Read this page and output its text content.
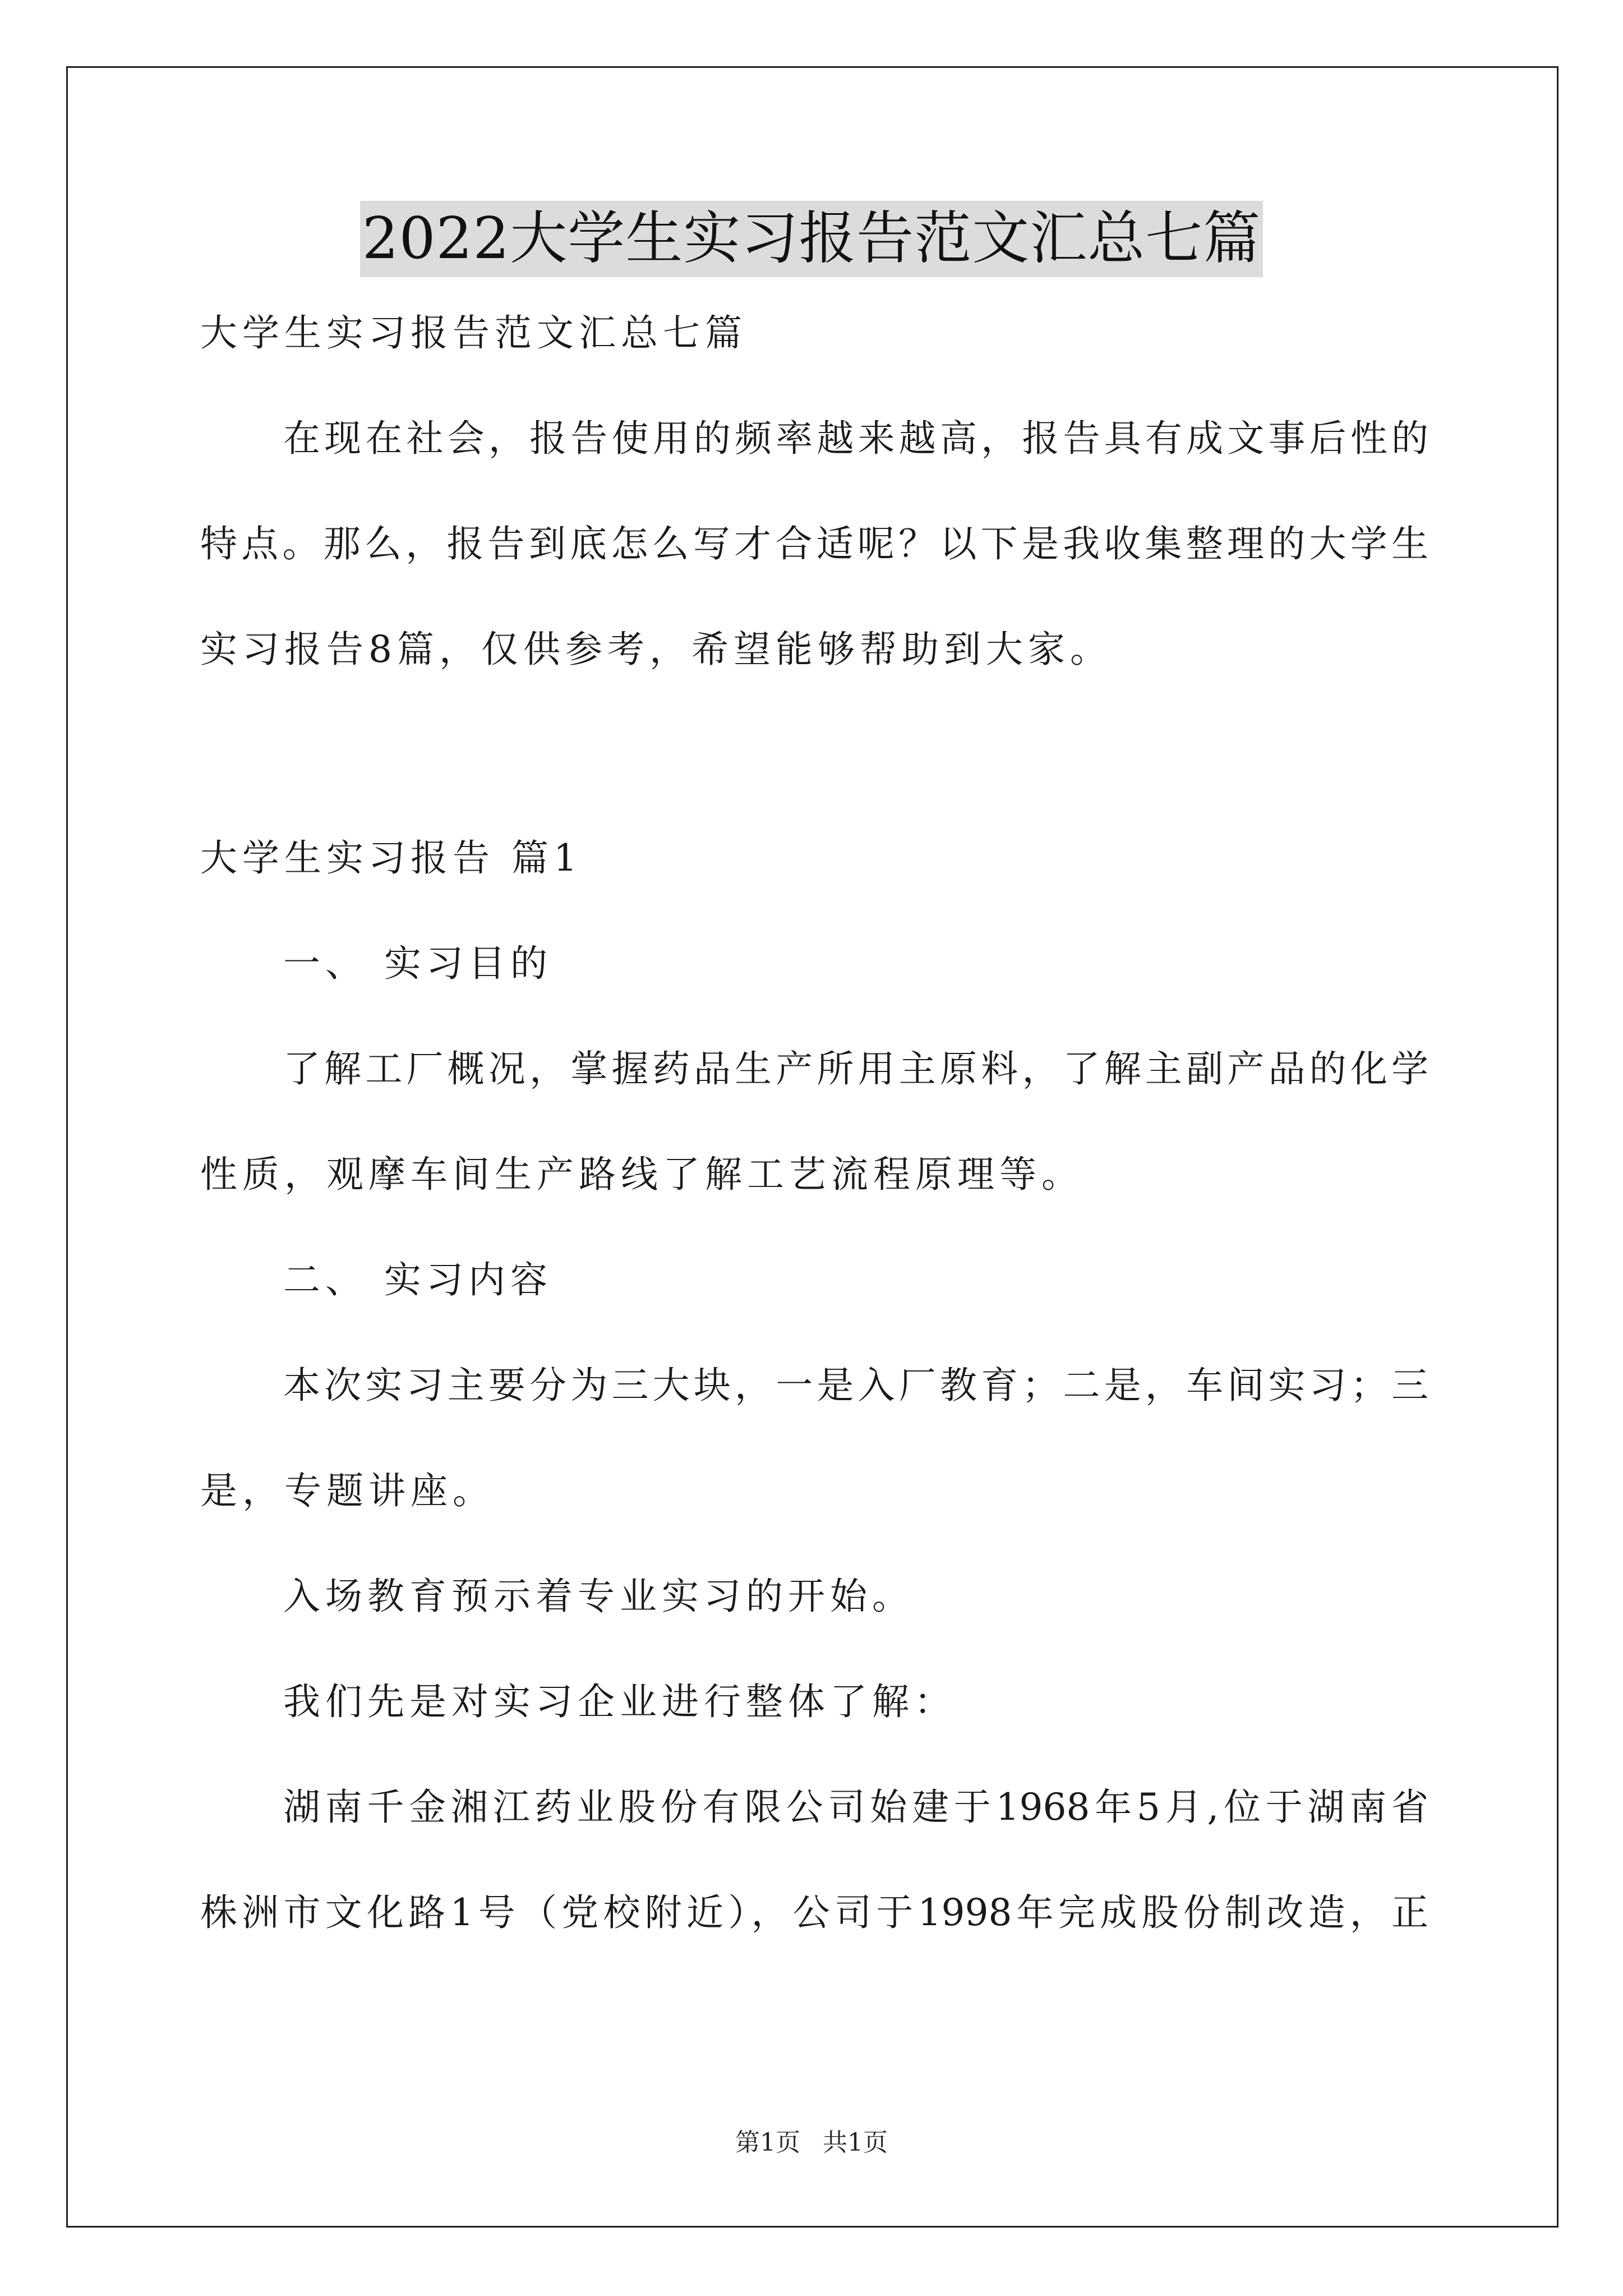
2022大学生实习报告范文汇总七篇
大学生实习报告范文汇总七篇
在现在社会，报告使用的频率越来越高，报告具有成文事后性的
特点。那么，报告到底怎么写才合适呢？以下是我收集整理的大学生
实习报告8篇，仅供参考，希望能够帮助到大家。
大学生实习报告 篇1
一、 实习目的
了解工厂概况，掌握药品生产所用主原料，了解主副产品的化学
性质，观摩车间生产路线了解工艺流程原理等。
二、 实习内容
本次实习主要分为三大块，一是入厂教育；二是，车间实习；三
是，专题讲座。
入场教育预示着专业实习的开始。
我们先是对实习企业进行整体了解：
湖南千金湘江药业股份有限公司始建于1968年5月,位于湖南省
株洲市文化路1号（党校附近），公司于1998年完成股份制改造，正
第1页 共1页
